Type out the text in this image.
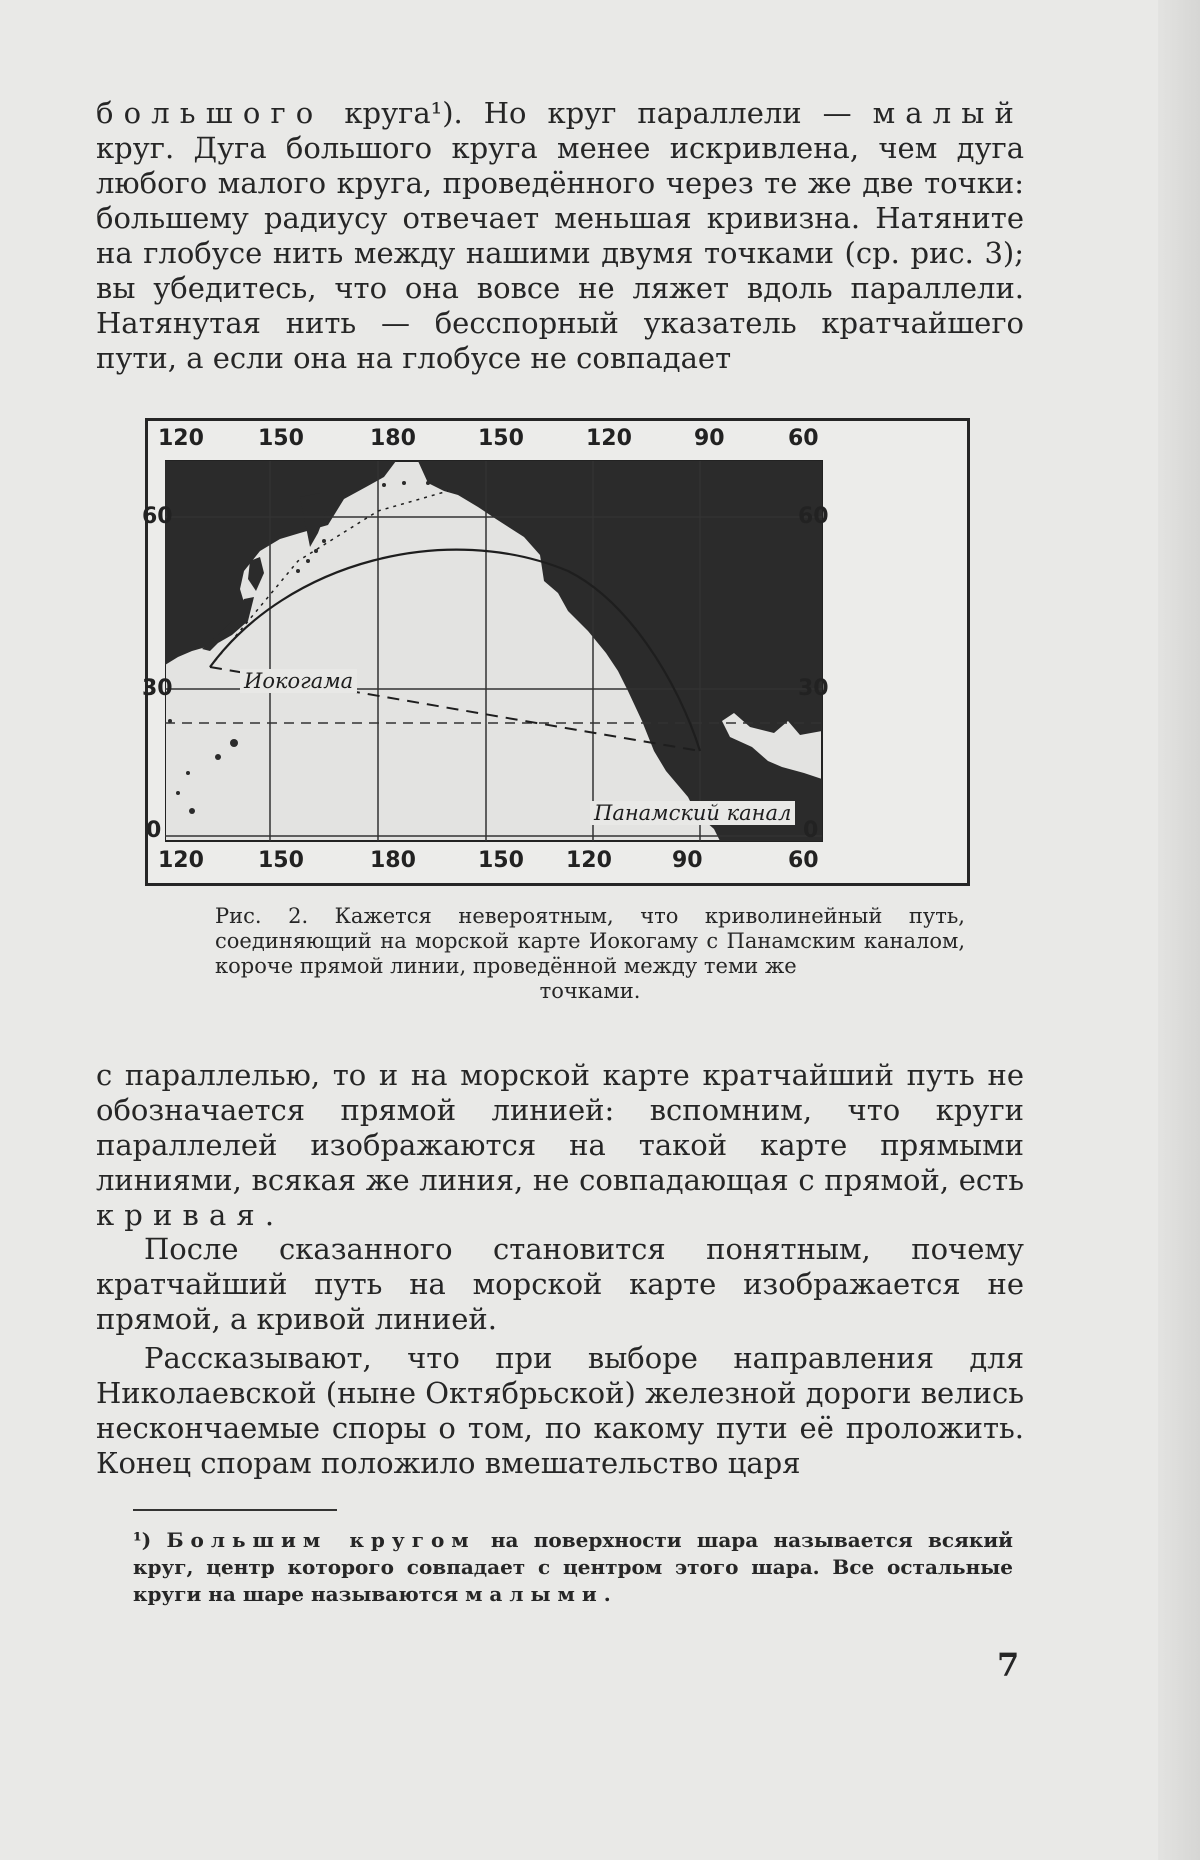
большого круга¹). Но круг параллели — малый круг. Дуга большого круга менее искривлена, чем дуга любого малого круга, проведённого через те же две точки: большему радиусу отвечает меньшая кривизна. Натяните на глобусе нить между нашими двумя точками (ср. рис. 3); вы убедитесь, что она вовсе не ляжет вдоль параллели. Натянутая нить — бесспорный указатель кратчайшего пути, а если она на глобусе не совпадает

120 150	180	150	120	90	60
60
30
0
60
30
0
120 150	180	150 120	90	60
Иокогама
Панамский канал

Рис. 2. Кажется невероятным, что криволинейный путь, соединяющий на морской карте Иокогаму с Панамским каналом, короче прямой линии, проведённой между теми же
точками.

с параллелью, то и на морской карте кратчайший путь не обозначается прямой линией: вспомним, что круги параллелей изображаются на такой карте прямыми линиями, всякая же линия, не совпадающая с прямой, есть кривая.

После сказанного становится понятным, почему кратчайший путь на морской карте изображается не прямой, а кривой линией.

Рассказывают, что при выборе направления для Николаевской (ныне Октябрьской) железной дороги велись нескончаемые споры о том, по какому пути её проложить. Конец спорам положило вмешательство царя

¹) Большим кругом на поверхности шара называется всякий круг, центр которого совпадает с центром этого шара. Все остальные круги на шаре называются малыми.

7
